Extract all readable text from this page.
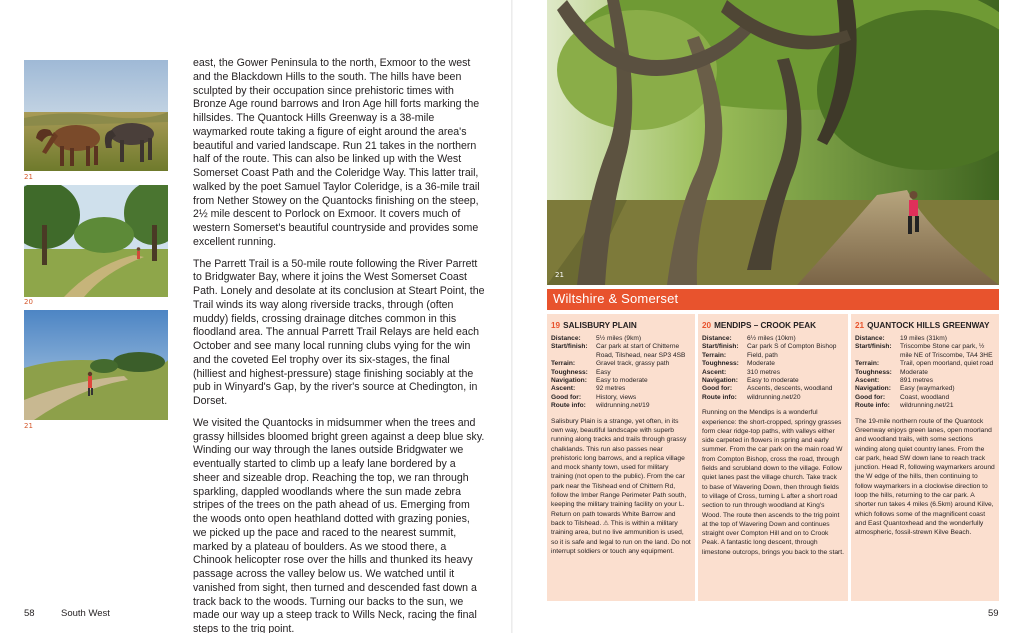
21
20
21

east, the Gower Peninsula to the north, Exmoor to the west and the Blackdown Hills to the south. The hills have been sculpted by their occupation since prehistoric times with Bronze Age round barrows and Iron Age hill forts marking the hillsides. The Quantock Hills Greenway is a 38-mile waymarked route taking a figure of eight around the area's beautiful and varied landscape. Run 21 takes in the northern half of the route. This can also be linked up with the West Somerset Coast Path and the Coleridge Way. This latter trail, walked by the poet Samuel Taylor Coleridge, is a 36-mile trail from Nether Stowey on the Quantocks finishing on the steep, 2½ mile descent to Porlock on Exmoor. It covers much of western Somerset's beautiful countryside and provides some excellent running.

The Parrett Trail is a 50-mile route following the River Parrett to Bridgwater Bay, where it joins the West Somerset Coast Path. Lonely and desolate at its conclusion at Steart Point, the Trail winds its way along riverside tracks, through (often muddy) fields, crossing drainage ditches common in this floodland area. The annual Parrett Trail Relays are held each October and see many local running clubs vying for the win and the coveted Eel trophy over its six-stages, the final (hilliest and highest-pressure) stage finishing sociably at the pub in Winyard's Gap, by the river's source at Chedington, in Dorset.

We visited the Quantocks in midsummer when the trees and grassy hillsides bloomed bright green against a deep blue sky. Winding our way through the lanes outside Bridgwater we eventually started to climb up a leafy lane bordered by a sheer and sizeable drop. Reaching the top, we ran through sparkling, dappled woodlands where the sun made zebra stripes of the trees on the path ahead of us. Emerging from the woods onto open heathland dotted with grazing ponies, we picked up the pace and raced to the nearest summit, marked by a plateau of boulders. As we stood there, a Chinook helicopter rose over the hills and thunked its heavy passage across the valley below us. We watched until it vanished from sight, then turned and descended fast down a track back to the woods. Turning our backs to the sun, we made our way up a steep track to Wills Neck, racing the final steps to the trig point.

58	South West
21
Wiltshire & Somerset
19 SALISBURY PLAIN
Distance:	5½ miles (9km)
Start/finish:	Car park at start of Chitterne Road, Tilshead, near SP3 4SB
Terrain:	Gravel track, grassy path
Toughness:	Easy
Navigation:	Easy to moderate
Ascent:	92 metres
Good for:	History, views
Route info:	wildrunning.net/19
Salisbury Plain is a strange, yet often, in its own way, beautiful landscape with superb running along tracks and trails through grassy chalklands. This run also passes near prehistoric long barrows, and a replica village and mock shanty town, used for military training (not open to the public). From the car park near the Tilshead end of Chittern Rd, follow the Imber Range Perimeter Path south, keeping the military training facility on your L. Return on path towards White Barrow and back to Tilshead. ⚠ This is within a military training area, but no live ammunition is used, so it is safe and legal to run on the land. Do not interrupt soldiers or touch any equipment.
20 MENDIPS – CROOK PEAK
Distance:	6½ miles (10km)
Start/finish:	Car park S of Compton Bishop
Terrain:	Field, path
Toughness:	Moderate
Ascent:	310 metres
Navigation:	Easy to moderate
Good for:	Ascents, descents, woodland
Route info:	wildrunning.net/20
Running on the Mendips is a wonderful experience: the short-cropped, springy grasses form clear ridge-top paths, with valleys either side carpeted in flowers in spring and early summer. From the car park on the main road W from Compton Bishop, cross the road, through fields and scrubland down to the village. Follow quiet lanes past the village church. Take track to base of Wavering Down, then through fields to village of Cross, turning L after a short road section to run through woodland at King's Wood. The route then ascends to the trig point at the top of Wavering Down and continues straight over Compton Hill and on to Crook Peak. A fantastic long descent, through limestone outcrops, brings you back to the start.
21 QUANTOCK HILLS GREENWAY
Distance:	19 miles (31km)
Start/finish:	Triscombe Stone car park, ½ mile NE of Triscombe, TA4 3HE
Terrain:	Trail, open moorland, quiet road
Toughness:	Moderate
Ascent:	891 metres
Navigation:	Easy (waymarked)
Good for:	Coast, woodland
Route info:	wildrunning.net/21
The 19-mile northern route of the Quantock Greenway enjoys green lanes, open moorland and woodland trails, with some sections winding along quiet country lanes. From the car park, head SW down lane to reach track junction. Head R, following waymarkers around the W edge of the hills, then continuing to follow waymarkers in a clockwise direction to loop the hills, returning to the car park. A shorter run takes 4 miles (6.5km) around Kilve, which follows some of the magnificent coast and East Quantoxhead and the wonderfully atmospheric, fossil-strewn Kilve Beach.
59
